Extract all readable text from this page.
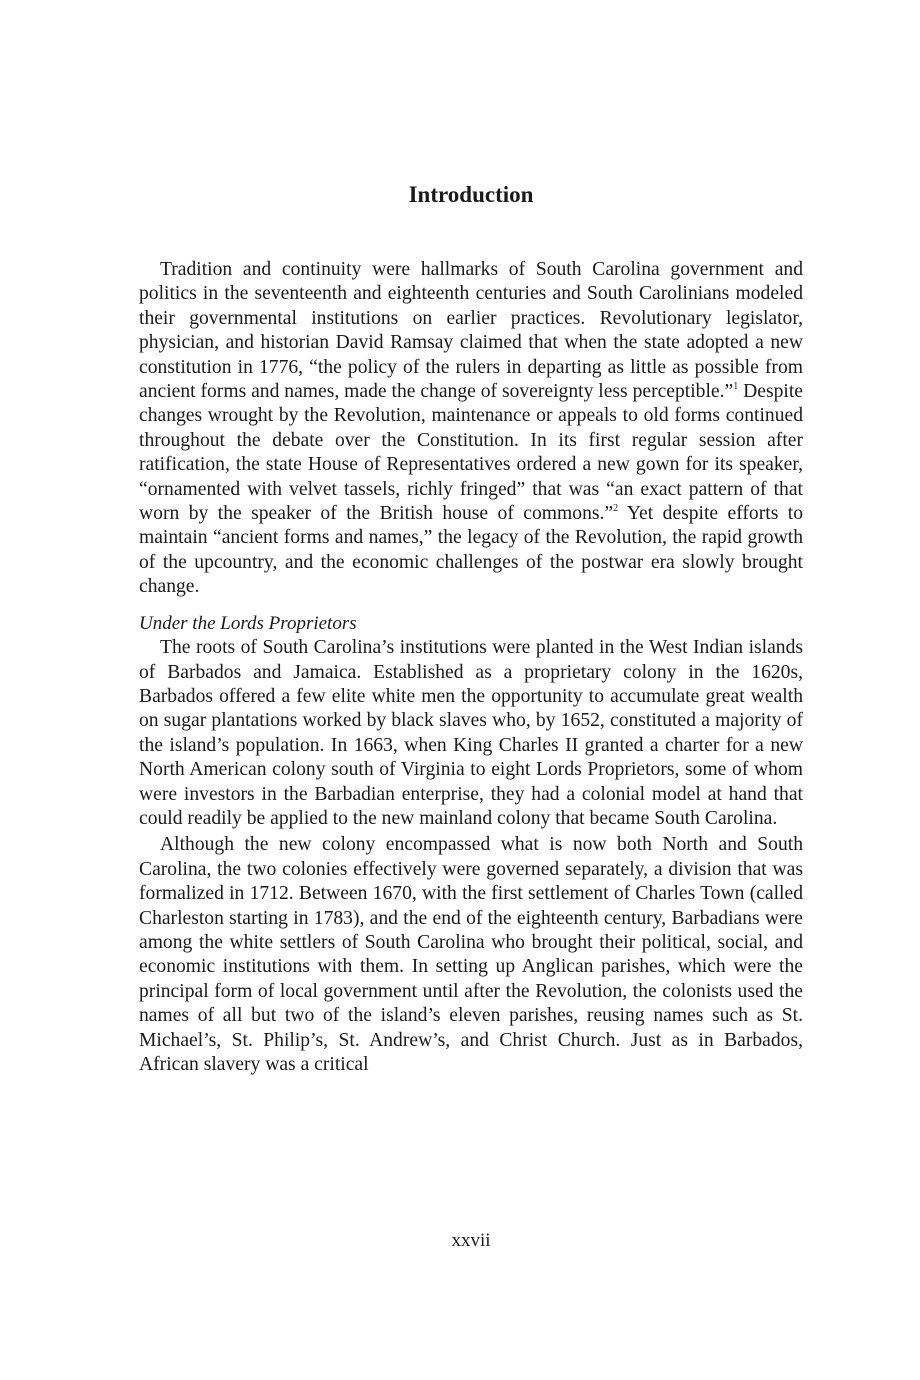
Introduction

Tradition and continuity were hallmarks of South Carolina government and politics in the seventeenth and eighteenth centuries and South Carolinians modeled their governmental institutions on earlier practices. Revolutionary legislator, physician, and historian David Ramsay claimed that when the state adopted a new constitution in 1776, “the policy of the rulers in departing as little as possible from ancient forms and names, made the change of sovereignty less perceptible.”$^1$ Despite changes wrought by the Revolution, maintenance or appeals to old forms continued throughout the debate over the Constitution. In its first regular session after ratification, the state House of Representatives ordered a new gown for its speaker, “ornamented with velvet tassels, richly fringed” that was “an exact pattern of that worn by the speaker of the British house of commons.”$^2$ Yet despite efforts to maintain “ancient forms and names,” the legacy of the Revolution, the rapid growth of the upcountry, and the economic challenges of the postwar era slowly brought change.

Under the Lords Proprietors

The roots of South Carolina’s institutions were planted in the West Indian islands of Barbados and Jamaica. Established as a proprietary colony in the 1620s, Barbados offered a few elite white men the opportunity to accumulate great wealth on sugar plantations worked by black slaves who, by 1652, constituted a majority of the island’s population. In 1663, when King Charles II granted a charter for a new North American colony south of Virginia to eight Lords Proprietors, some of whom were investors in the Barbadian enterprise, they had a colonial model at hand that could readily be applied to the new mainland colony that became South Carolina.

Although the new colony encompassed what is now both North and South Carolina, the two colonies effectively were governed separately, a division that was formalized in 1712. Between 1670, with the first settlement of Charles Town (called Charleston starting in 1783), and the end of the eighteenth century, Barbadians were among the white settlers of South Carolina who brought their political, social, and economic institutions with them. In setting up Anglican parishes, which were the principal form of local government until after the Revolution, the colonists used the names of all but two of the island’s eleven parishes, reusing names such as St. Michael’s, St. Philip’s, St. Andrew’s, and Christ Church. Just as in Barbados, African slavery was a critical

xxvii
